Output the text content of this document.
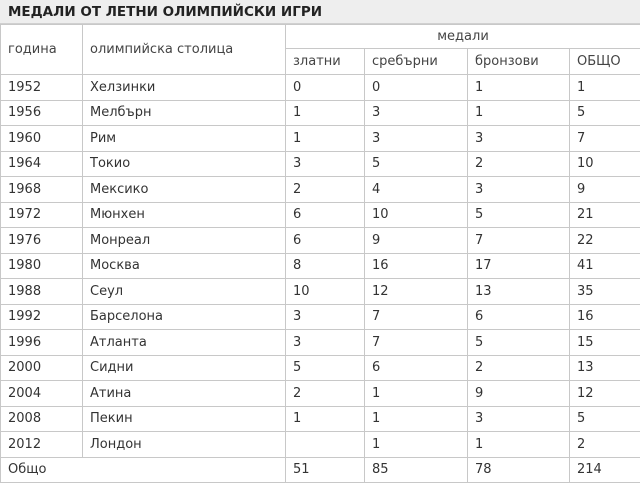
МЕДАЛИ ОТ ЛЕТНИ ОЛИМПИЙСКИ ИГРИ
година	олимпийска столица	медали			
		златни	сребърни	бронзови	ОБЩО
1952	Хелзинки	0	0	1	1
1956	Мелбърн	1	3	1	5
1960	Рим	1	3	3	7
1964	Токио	3	5	2	10
1968	Мексико	2	4	3	9
1972	Мюнхен	6	10	5	21
1976	Монреал	6	9	7	22
1980	Москва	8	16	17	41
1988	Сеул	10	12	13	35
1992	Барселона	3	7	6	16
1996	Атланта	3	7	5	15
2000	Сидни	5	6	2	13
2004	Атина	2	1	9	12
2008	Пекин	1	1	3	5
2012	Лондон		1	1	2
Общо		51	85	78	214
